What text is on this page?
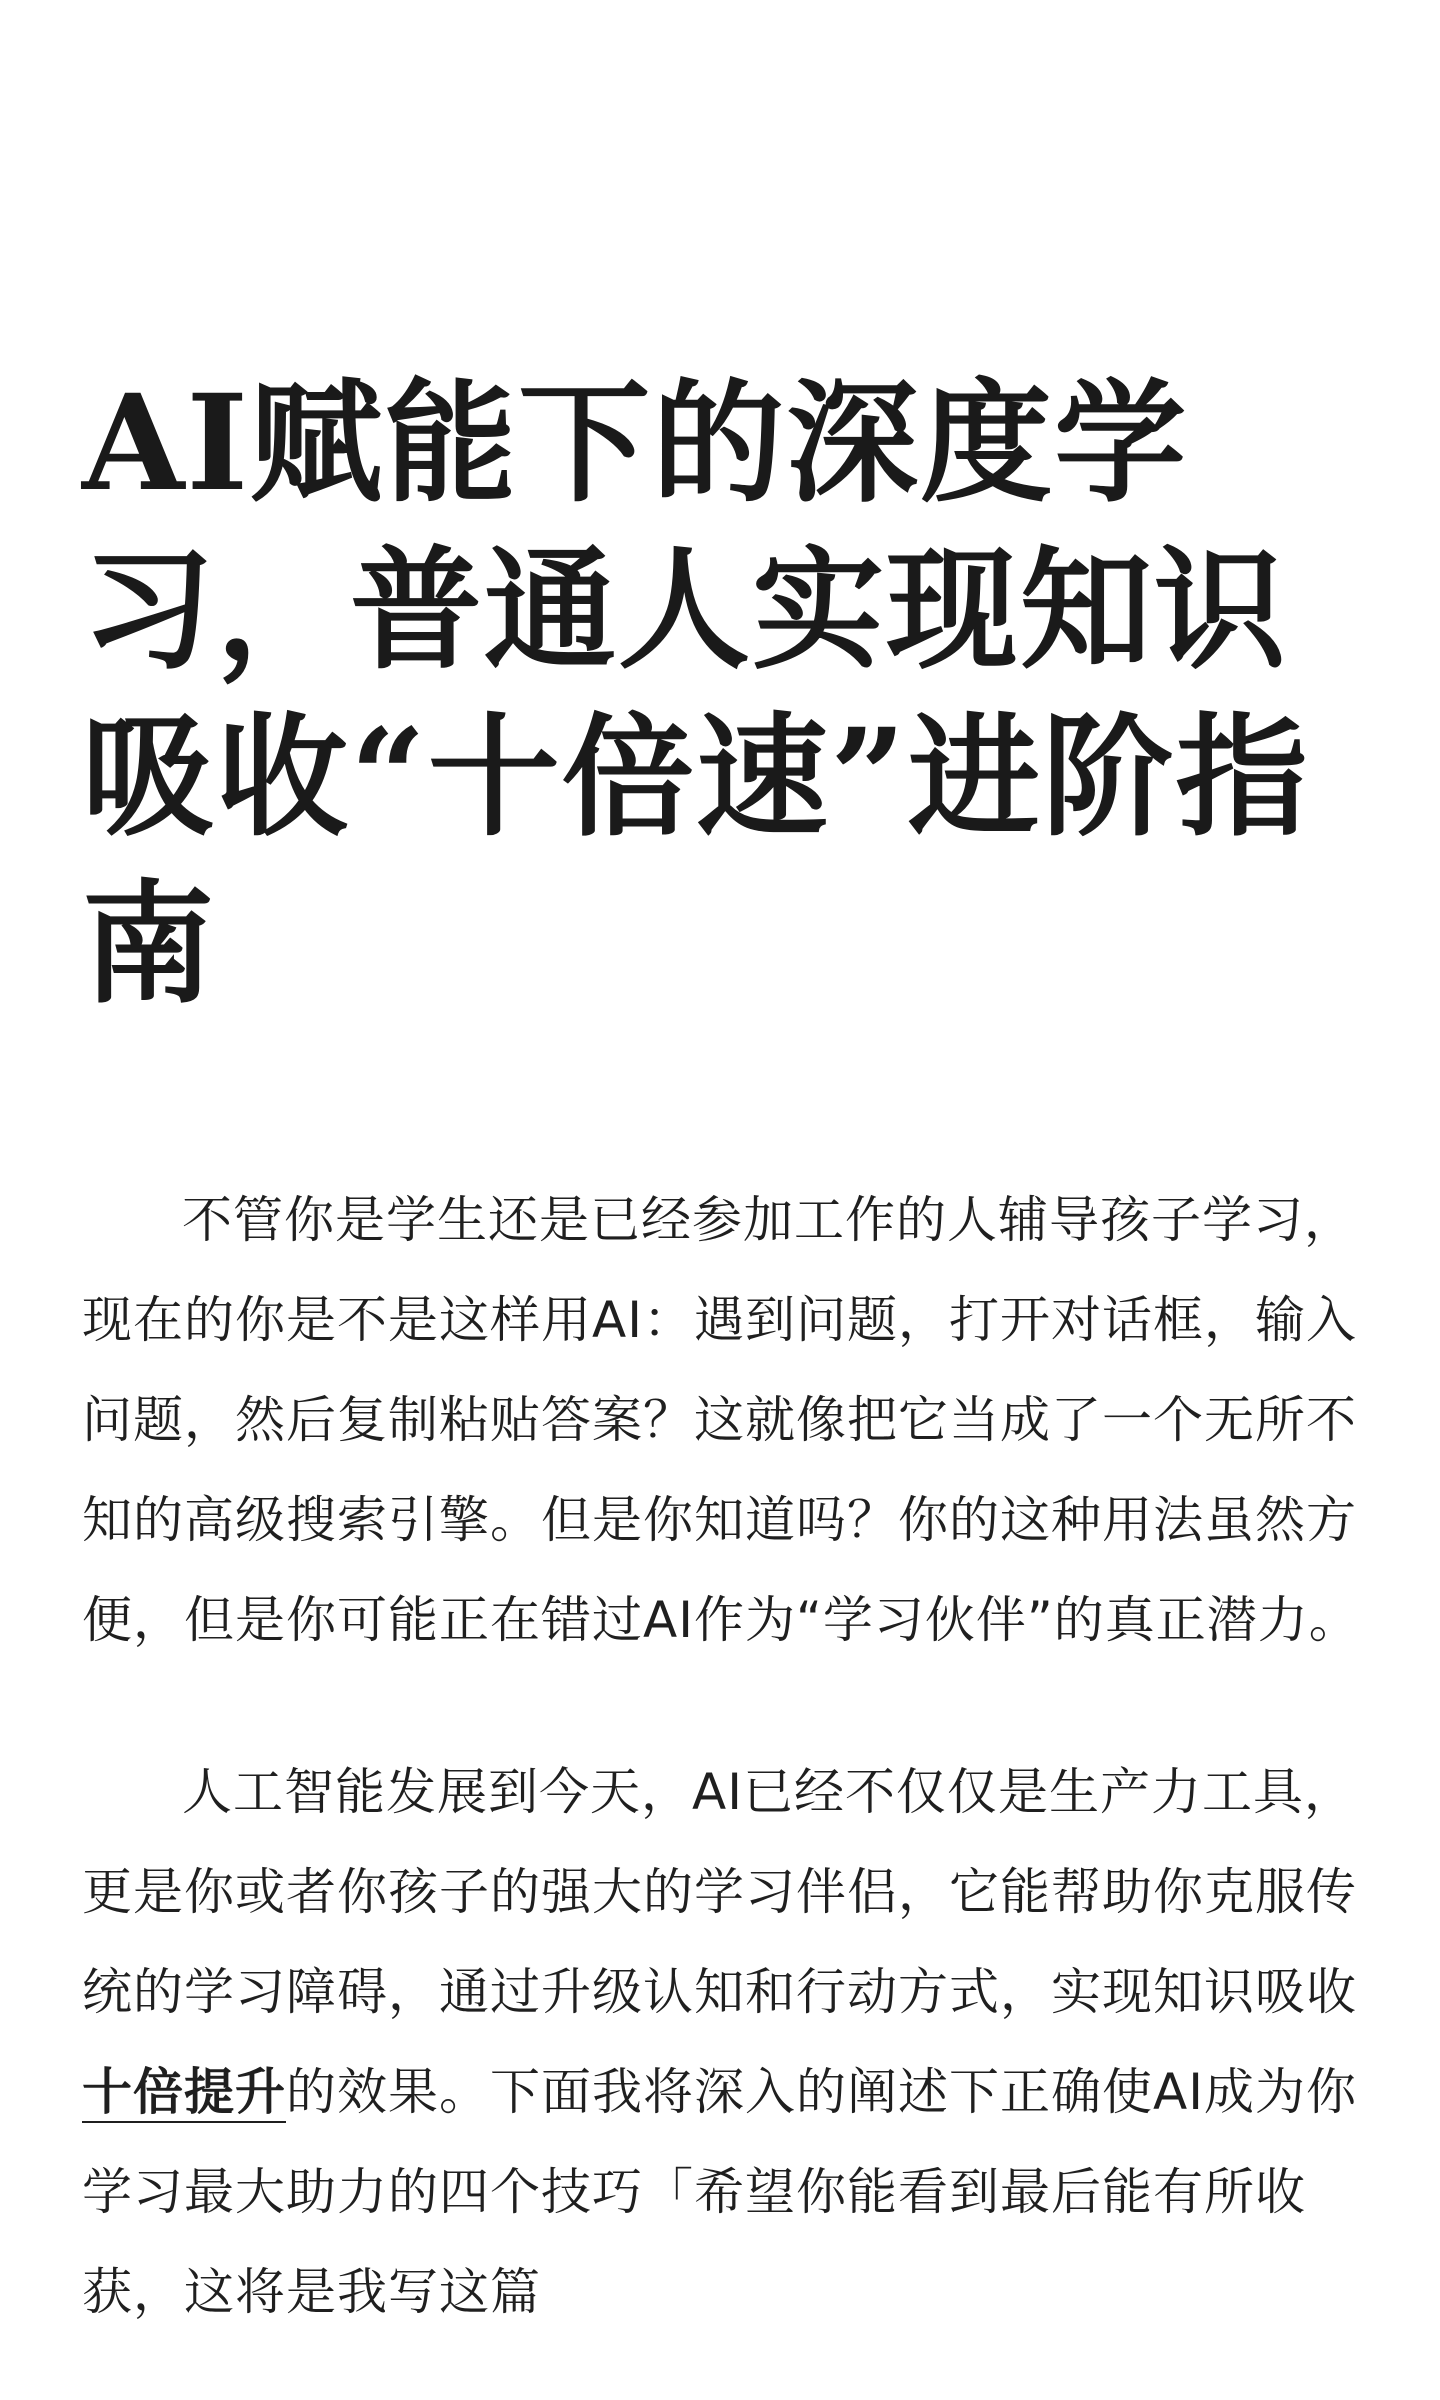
AI赋能下的深度学习，普通人实现知识吸收“十倍速”进阶指南

不管你是学生还是已经参加工作的人辅导孩子学习，现在的你是不是这样用AI：遇到问题，打开对话框，输入问题，然后复制粘贴答案？这就像把它当成了一个无所不知的高级搜索引擎。但是你知道吗？你的这种用法虽然方便，但是你可能正在错过AI作为“学习伙伴”的真正潜力。

人工智能发展到今天，AI已经不仅仅是生产力工具，更是你或者你孩子的强大的学习伴侣，它能帮助你克服传统的学习障碍，通过升级认知和行动方式，实现知识吸收十倍提升的效果。下面我将深入的阐述下正确使AI成为你学习最大助力的四个技巧「希望你能看到最后能有所收获，这将是我写这篇
